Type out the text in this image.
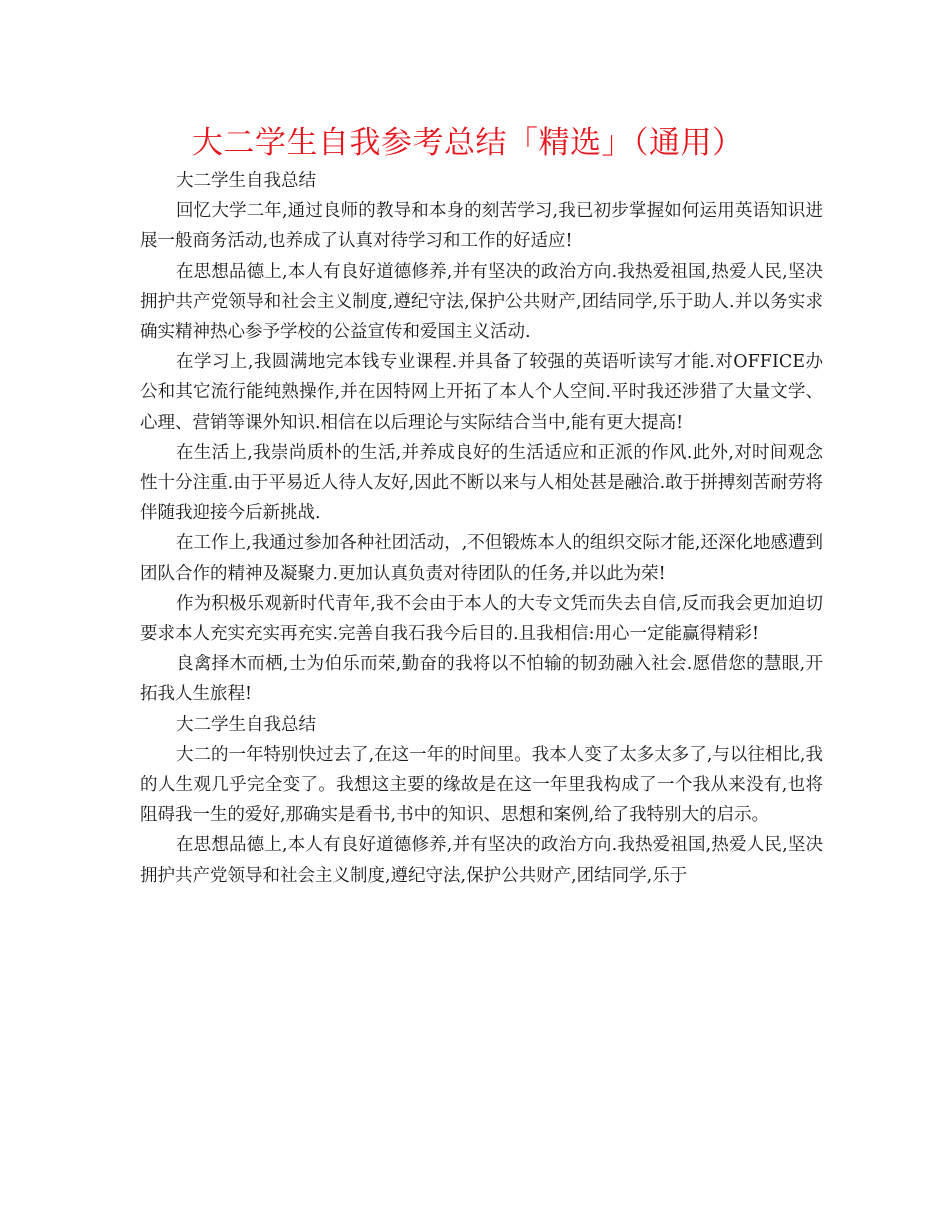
大二学生自我参考总结「精选」（通用）

大二学生自我总结

回忆大学二年,通过良师的教导和本身的刻苦学习,我已初步掌握如何运用英语知识进展一般商务活动,也养成了认真对待学习和工作的好适应!

在思想品德上,本人有良好道德修养,并有坚决的政治方向.我热爱祖国,热爱人民,坚决拥护共产党领导和社会主义制度,遵纪守法,保护公共财产,团结同学,乐于助人.并以务实求确实精神热心参予学校的公益宣传和爱国主义活动.

在学习上,我圆满地完本钱专业课程.并具备了较强的英语听读写才能.对OFFICE办公和其它流行能纯熟操作,并在因特网上开拓了本人个人空间.平时我还涉猎了大量文学、心理、营销等课外知识.相信在以后理论与实际结合当中,能有更大提高!

在生活上,我崇尚质朴的生活,并养成良好的生活适应和正派的作风.此外,对时间观念性十分注重.由于平易近人待人友好,因此不断以来与人相处甚是融洽.敢于拼搏刻苦耐劳将伴随我迎接今后新挑战.

在工作上,我通过参加各种社团活动，,不但锻炼本人的组织交际才能,还深化地感遭到团队合作的精神及凝聚力.更加认真负责对待团队的任务,并以此为荣!

作为积极乐观新时代青年,我不会由于本人的大专文凭而失去自信,反而我会更加迫切要求本人充实充实再充实.完善自我石我今后目的.且我相信:用心一定能赢得精彩!

良禽择木而栖,士为伯乐而荣,勤奋的我将以不怕输的韧劲融入社会.愿借您的慧眼,开拓我人生旅程!

大二学生自我总结

大二的一年特别快过去了,在这一年的时间里。我本人变了太多太多了,与以往相比,我的人生观几乎完全变了。我想这主要的缘故是在这一年里我构成了一个我从来没有,也将阻碍我一生的爱好,那确实是看书,书中的知识、思想和案例,给了我特别大的启示。

在思想品德上,本人有良好道德修养,并有坚决的政治方向.我热爱祖国,热爱人民,坚决拥护共产党领导和社会主义制度,遵纪守法,保护公共财产,团结同学,乐于
